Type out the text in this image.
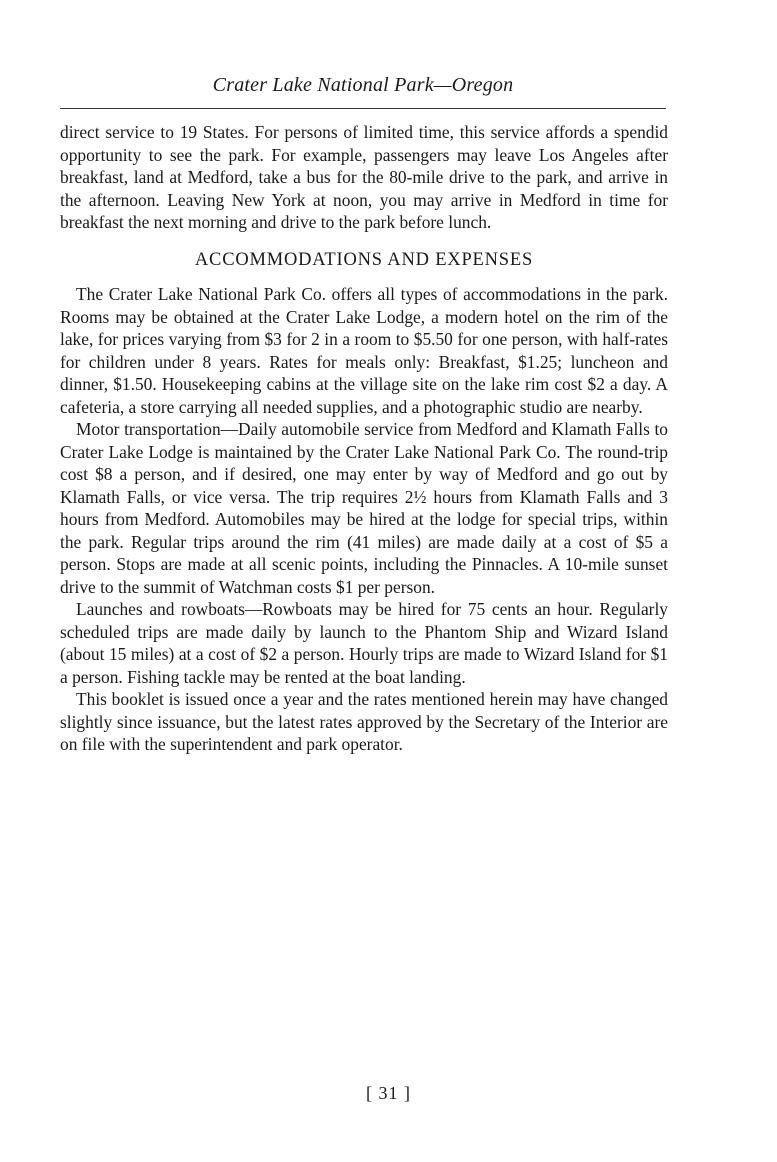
Crater Lake National Park—Oregon

direct service to 19 States. For persons of limited time, this service affords a spendid opportunity to see the park. For example, passengers may leave Los Angeles after breakfast, land at Medford, take a bus for the 80-mile drive to the park, and arrive in the afternoon. Leaving New York at noon, you may arrive in Medford in time for breakfast the next morning and drive to the park before lunch.

ACCOMMODATIONS AND EXPENSES

The Crater Lake National Park Co. offers all types of accommodations in the park. Rooms may be obtained at the Crater Lake Lodge, a modern hotel on the rim of the lake, for prices varying from $3 for 2 in a room to $5.50 for one person, with half-rates for children under 8 years. Rates for meals only: Breakfast, $1.25; luncheon and dinner, $1.50. Housekeeping cabins at the village site on the lake rim cost $2 a day. A cafeteria, a store carrying all needed supplies, and a photographic studio are nearby.

Motor transportation—Daily automobile service from Medford and Klamath Falls to Crater Lake Lodge is maintained by the Crater Lake National Park Co. The round-trip cost $8 a person, and if desired, one may enter by way of Medford and go out by Klamath Falls, or vice versa. The trip requires 2½ hours from Klamath Falls and 3 hours from Medford. Automobiles may be hired at the lodge for special trips, within the park. Regular trips around the rim (41 miles) are made daily at a cost of $5 a person. Stops are made at all scenic points, including the Pinnacles. A 10-mile sunset drive to the summit of Watchman costs $1 per person.

Launches and rowboats—Rowboats may be hired for 75 cents an hour. Regularly scheduled trips are made daily by launch to the Phantom Ship and Wizard Island (about 15 miles) at a cost of $2 a person. Hourly trips are made to Wizard Island for $1 a person. Fishing tackle may be rented at the boat landing.

This booklet is issued once a year and the rates mentioned herein may have changed slightly since issuance, but the latest rates approved by the Secretary of the Interior are on file with the superintendent and park operator.

[ 31 ]
